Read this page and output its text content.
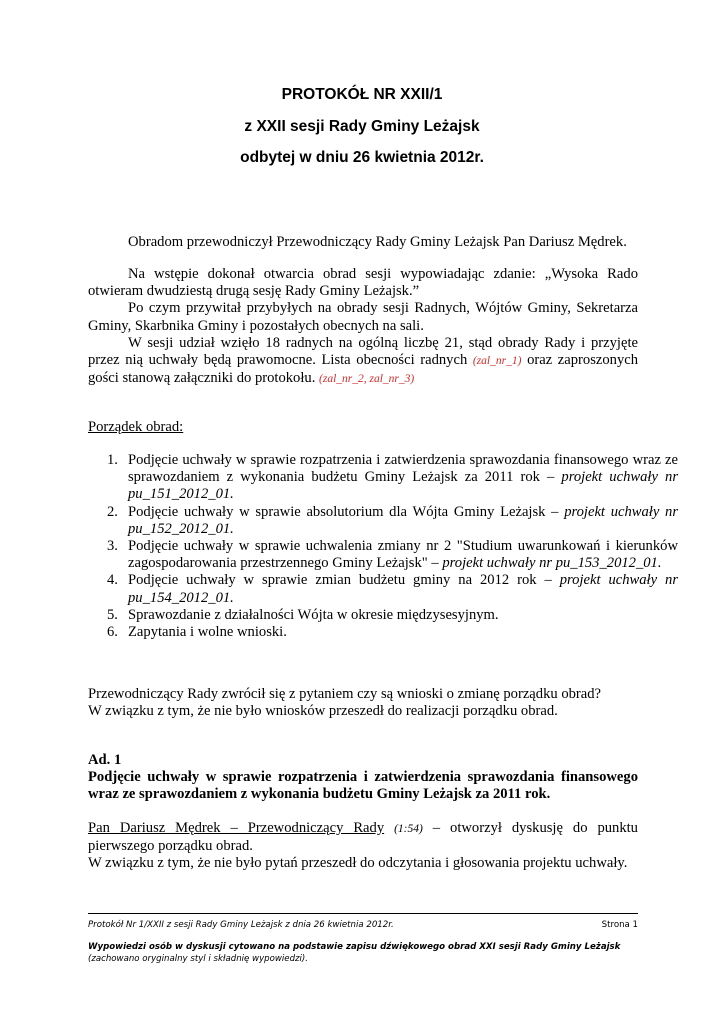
PROTOKÓŁ NR XXII/1
z XXII sesji Rady Gminy Leżajsk
odbytej w dniu 26 kwietnia 2012r.
Obradom przewodniczył Przewodniczący Rady Gminy Leżajsk Pan Dariusz Mędrek.
Na wstępie dokonał otwarcia obrad sesji wypowiadając zdanie: „Wysoka Rado otwieram dwudziestą drugą sesję Rady Gminy Leżajsk.”
Po czym przywitał przybyłych na obrady sesji Radnych, Wójtów Gminy, Sekretarza Gminy, Skarbnika Gminy i pozostałych obecnych na sali.
W sesji udział wzięło 18 radnych na ogólną liczbę 21, stąd obrady Rady i przyjęte przez nią uchwały będą prawomocne. Lista obecności radnych (zal_nr_1) oraz zaproszonych gości stanową załączniki do protokołu. (zal_nr_2, zal_nr_3)
Porządek obrad:
1. Podjęcie uchwały w sprawie rozpatrzenia i zatwierdzenia sprawozdania finansowego wraz ze sprawozdaniem z wykonania budżetu Gminy Leżajsk za 2011 rok – projekt uchwały nr pu_151_2012_01.
2. Podjęcie uchwały w sprawie absolutorium dla Wójta Gminy Leżajsk – projekt uchwały nr pu_152_2012_01.
3. Podjęcie uchwały w sprawie uchwalenia zmiany nr 2 "Studium uwarunkowań i kierunków zagospodarowania przestrzennego Gminy Leżajsk" – projekt uchwały nr pu_153_2012_01.
4. Podjęcie uchwały w sprawie zmian budżetu gminy na 2012 rok – projekt uchwały nr pu_154_2012_01.
5. Sprawozdanie z działalności Wójta w okresie międzysesyjnym.
6. Zapytania i wolne wnioski.
Przewodniczący Rady zwrócił się z pytaniem czy są wnioski o zmianę porządku obrad?
W związku z tym, że nie było wniosków przeszedł do realizacji porządku obrad.
Ad. 1
Podjęcie uchwały w sprawie rozpatrzenia i zatwierdzenia sprawozdania finansowego wraz ze sprawozdaniem z wykonania budżetu Gminy Leżajsk za 2011 rok.
Pan Dariusz Mędrek – Przewodniczący Rady (1:54) – otworzył dyskusję do punktu pierwszego porządku obrad.
W związku z tym, że nie było pytań przeszedł do odczytania i głosowania projektu uchwały.
Protokół Nr 1/XXII z sesji Rady Gminy Leżajsk z dnia 26 kwietnia 2012r.	Strona 1
Wypowiedzi osób w dyskusji cytowano na podstawie zapisu dźwiękowego obrad XXI sesji Rady Gminy Leżajsk (zachowano oryginalny styl i składnię wypowiedzi).
